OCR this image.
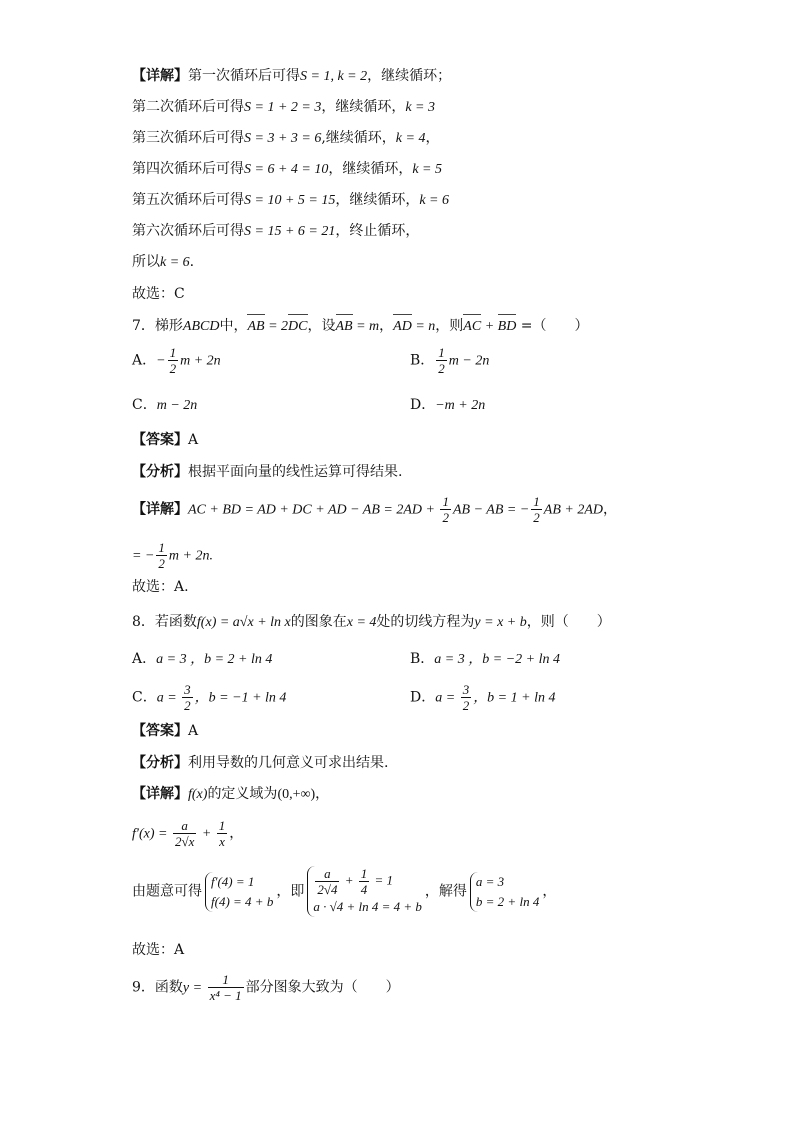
【详解】第一次循环后可得S = 1, k = 2，继续循环；
第二次循环后可得S = 1 + 2 = 3，继续循环，k = 3
第三次循环后可得S = 3 + 3 = 6,继续循环，k = 4，
第四次循环后可得S = 6 + 4 = 10，继续循环，k = 5
第五次循环后可得S = 10 + 5 = 15，继续循环，k = 6
第六次循环后可得S = 15 + 6 = 21，终止循环，
所以k = 6.
故选：C
7．梯形ABCD中，AB = 2DC，设AB = m，AD = n，则AC + BD =（　　）
A．− $\frac{1}{2}$ m + 2n	B． $\frac{1}{2}$ m − 2n
C．m − 2n	D．−m + 2n
【答案】A
【分析】根据平面向量的线性运算可得结果.
【详解】AC + BD = AD + DC + AD − AB = $2AD + \frac{1}{2}$ AB − AB = − $\frac{1}{2}$ AB + 2AD，
= − $\frac{1}{2}$ m + 2n.
故选：A.
8．若函数f(x) = a√x + ln x的图象在x = 4处的切线方程为y = x + b，则（　　）
A．a = 3 ，b = 2 + ln 4	B．a = 3 ，b = −2 + ln 4
C．$a = \frac{3}{2}$ ，b = −1 + ln 4	D．$a = \frac{3}{2}$ ，b = 1 + ln 4
【答案】A
【分析】利用导数的几何意义可求出结果.
【详解】f(x)的定义域为(0,+∞)，
$f'(x) = \frac{a}{2√x} + \frac{1}{x}$ ，
由题意可得
f′(4) = 1
f(4) = 4 + b
，即 $\frac{a}{2√4} + \frac{1}{4} = 1$
a · √4 + ln 4 = 4 + b
，解得
a = 3
b = 2 + ln 4
，
故选：A
9．函数$y = \frac{1}{\text{x⁴ − 1}}$ 部分图象大致为（　　）
